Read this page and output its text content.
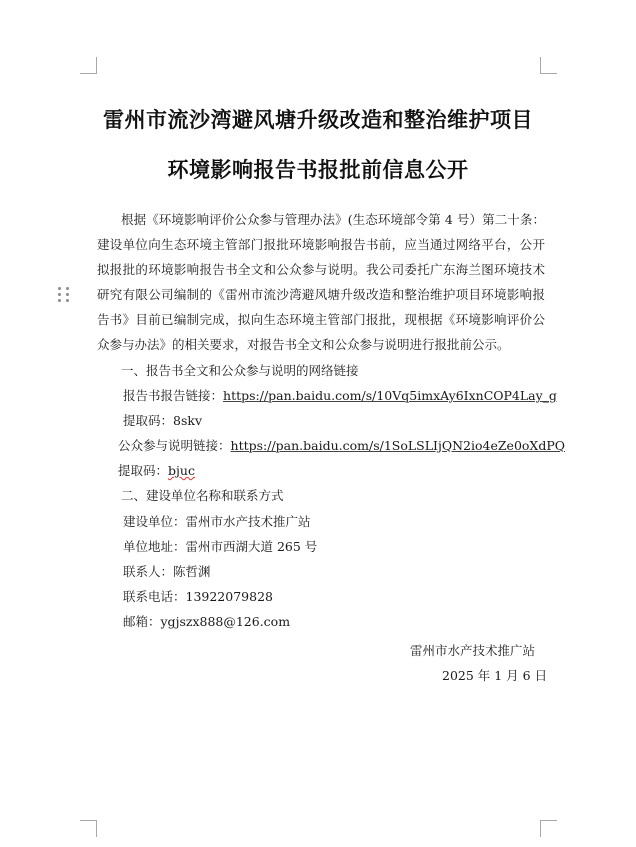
雷州市流沙湾避风塘升级改造和整治维护项目
环境影响报告书报批前信息公开
根据《环境影响评价公众参与管理办法》(生态环境部令第 4 号）第二十条：
建设单位向生态环境主管部门报批环境影响报告书前，应当通过网络平台，公开
拟报批的环境影响报告书全文和公众参与说明。我公司委托广东海兰图环境技术
研究有限公司编制的《雷州市流沙湾避风塘升级改造和整治维护项目环境影响报
告书》目前已编制完成，拟向生态环境主管部门报批，现根据《环境影响评价公
众参与办法》的相关要求，对报告书全文和公众参与说明进行报批前公示。
一、报告书全文和公众参与说明的网络链接
报告书报告链接：https://pan.baidu.com/s/10Vq5imxAy6IxnCOP4Lay_g
提取码：8skv
公众参与说明链接：https://pan.baidu.com/s/1SoLSLIjQN2io4eZe0oXdPQ
提取码：bjuc
二、建设单位名称和联系方式
建设单位：雷州市水产技术推广站
单位地址：雷州市西湖大道 265 号
联系人：陈哲渊
联系电话：13922079828
邮箱：ygjszx888@126.com
雷州市水产技术推广站
2025 年 1 月 6 日
